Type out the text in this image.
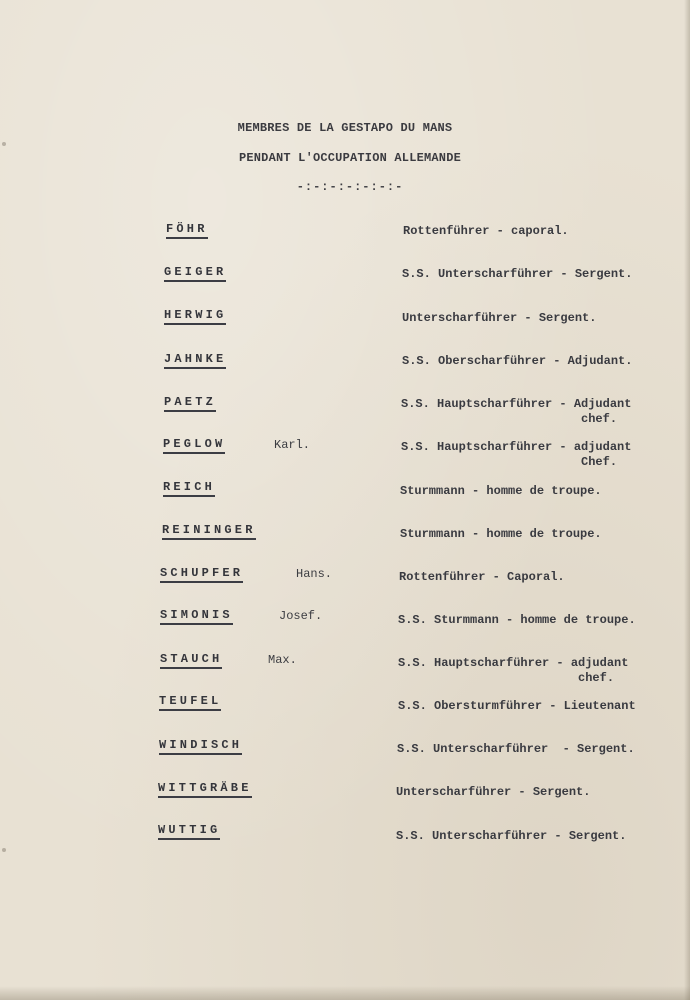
MEMBRES DE LA GESTAPO DU MANS
PENDANT L'OCCUPATION ALLEMANDE
-:-:-:-:-:-:-
FÖHR	Rottenführer - caporal.
GEIGER	S.S. Unterscharführer - Sergent.
HERWIG	Unterscharführer - Sergent.
JAHNKE	S.S. Oberscharführer - Adjudant.
PAETZ	S.S. Hauptscharführer - Adjudant
chef.
PEGLOW	Karl.	S.S. Hauptscharführer - adjudant
Chef.
REICH	Sturmmann - homme de troupe.
REININGER	Sturmmann - homme de troupe.
SCHUPFER	Hans.	Rottenführer - Caporal.
SIMONIS	Josef.	S.S. Sturmmann - homme de troupe.
STAUCH	Max.	S.S. Hauptscharführer - adjudant
chef.
TEUFEL	S.S. Obersturmführer - Lieutenant
WINDISCH	S.S. Unterscharführer  - Sergent.
WITTGRÄBE	Unterscharführer - Sergent.
WUTTIG	S.S. Unterscharführer - Sergent.
